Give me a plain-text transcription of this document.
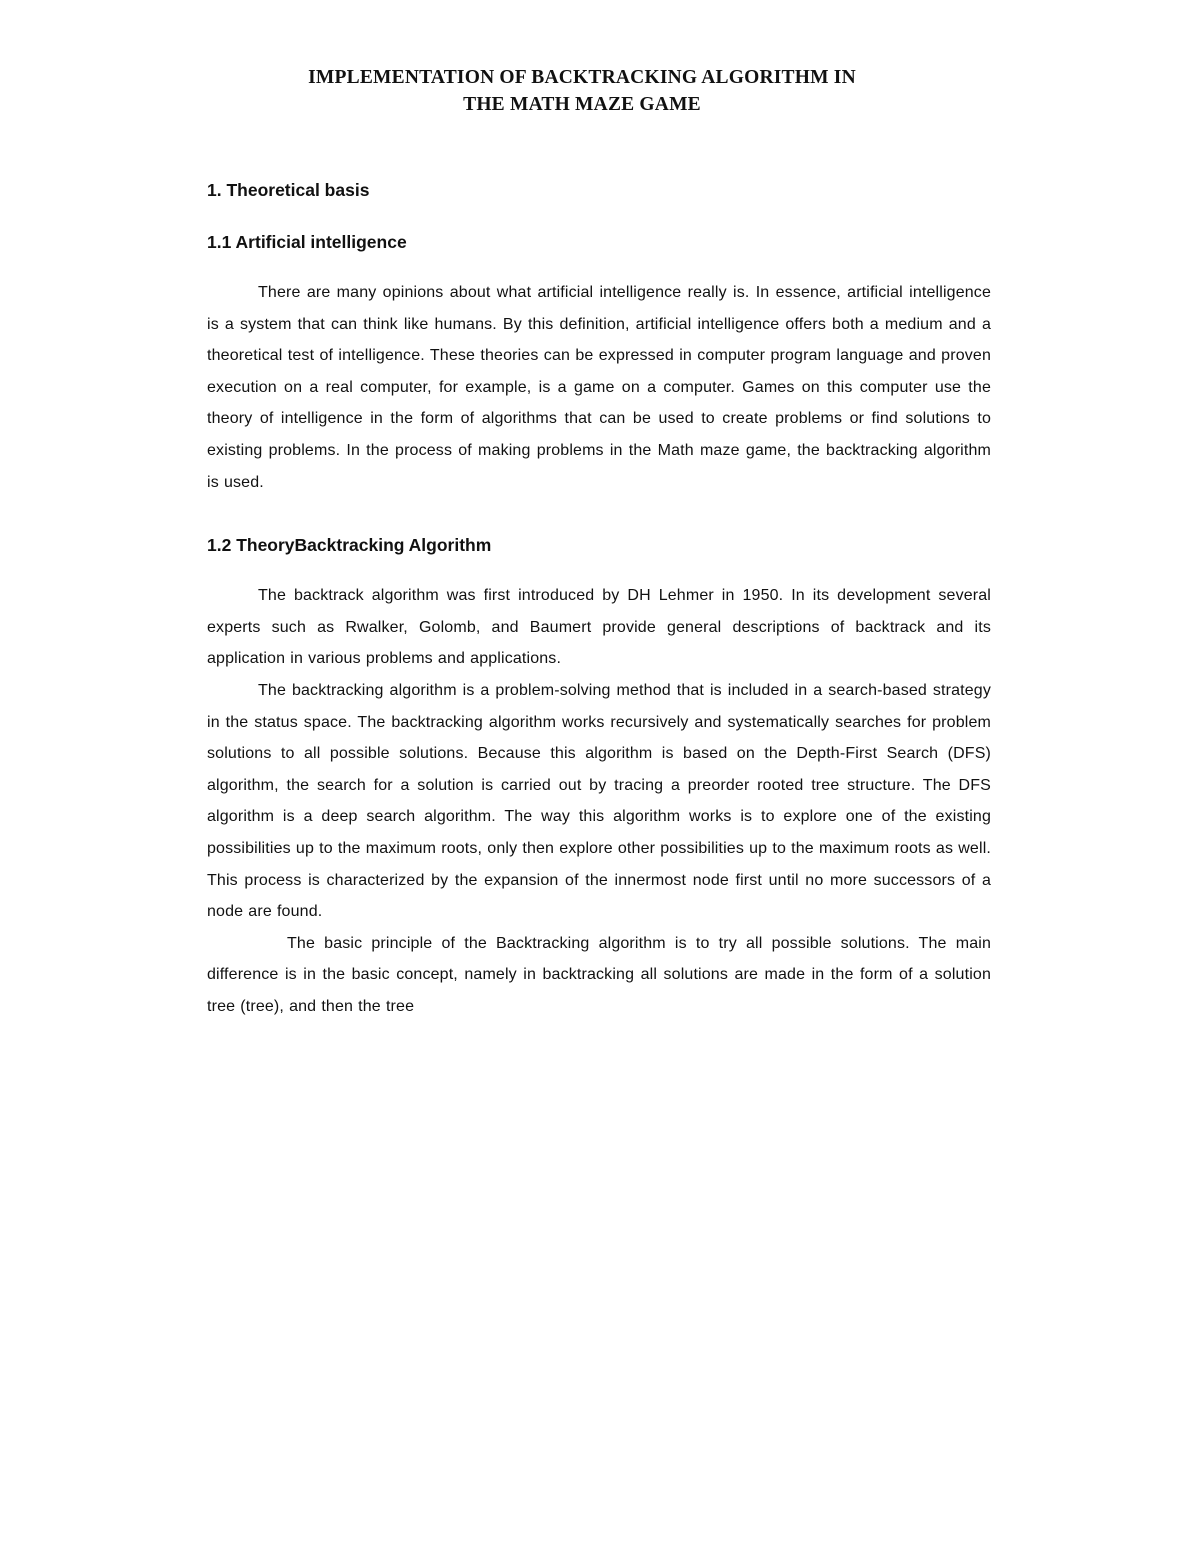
IMPLEMENTATION OF BACKTRACKING ALGORITHM IN
THE MATH MAZE GAME
1. Theoretical basis
1.1 Artificial intelligence

There are many opinions about what artificial intelligence really is. In essence, artificial intelligence is a system that can think like humans. By this definition, artificial intelligence offers both a medium and a theoretical test of intelligence. These theories can be expressed in computer program language and proven execution on a real computer, for example, is a game on a computer. Games on this computer use the theory of intelligence in the form of algorithms that can be used to create problems or find solutions to existing problems. In the process of making problems in the Math maze game, the backtracking algorithm is used.

1.2 TheoryBacktracking Algorithm

The backtrack algorithm was first introduced by DH Lehmer in 1950. In its development several experts such as Rwalker, Golomb, and Baumert provide general descriptions of backtrack and its application in various problems and applications.

The backtracking algorithm is a problem-solving method that is included in a search-based strategy in the status space. The backtracking algorithm works recursively and systematically searches for problem solutions to all possible solutions. Because this algorithm is based on the Depth-First Search (DFS) algorithm, the search for a solution is carried out by tracing a preorder rooted tree structure. The DFS algorithm is a deep search algorithm. The way this algorithm works is to explore one of the existing possibilities up to the maximum roots, only then explore other possibilities up to the maximum roots as well. This process is characterized by the expansion of the innermost node first until no more successors of a node are found.

The basic principle of the Backtracking algorithm is to try all possible solutions. The main difference is in the basic concept, namely in backtracking all solutions are made in the form of a solution tree (tree), and then the tree
